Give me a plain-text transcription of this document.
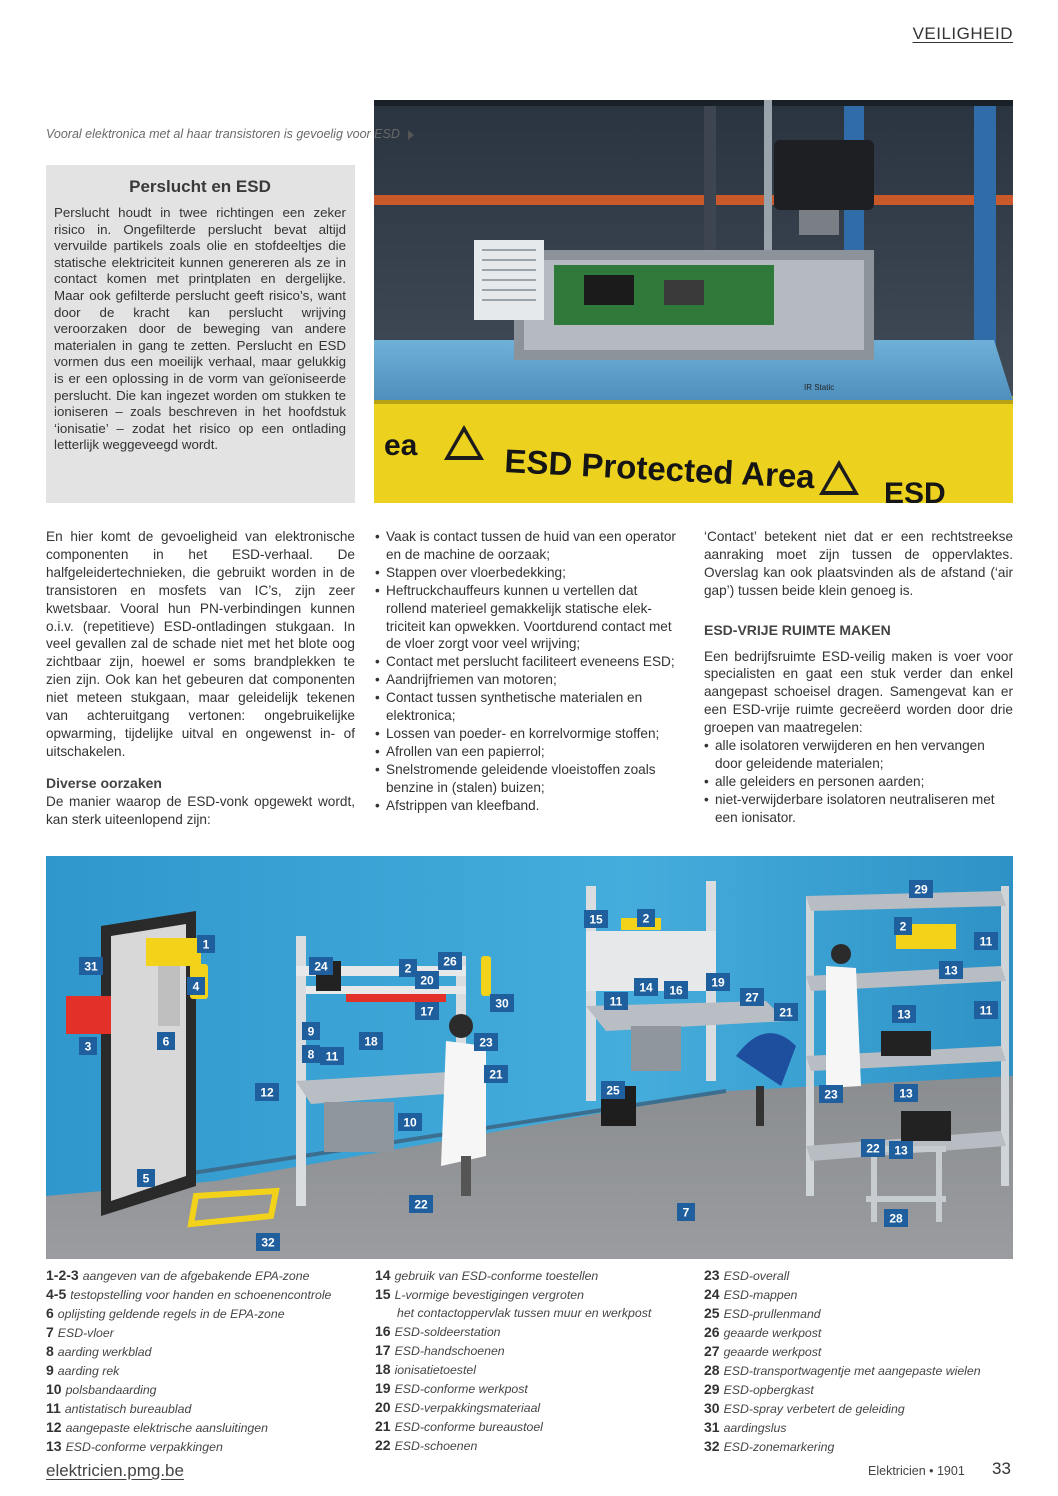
VEILIGHEID
ea	ESD Protected Area ESD
IR Static
Vooral elektronica met al haar transistoren is gevoelig voor ESD
Perslucht en ESD

Perslucht houdt in twee richtingen een zeker risico in. Ongefilterde perslucht bevat altijd vervuilde partikels zoals olie en stofdeeltjes die statische elektriciteit kunnen genereren als ze in contact komen met printplaten en dergelijke. Maar ook gefilterde perslucht geeft risico’s, want door de kracht kan perslucht wrijving veroorzaken door de beweging van andere materialen in gang te zetten. Perslucht en ESD vormen dus een moeilijk verhaal, maar gelukkig is er een oplossing in de vorm van geïoniseerde perslucht. Die kan ingezet worden om stukken te ioniseren – zoals beschreven in het hoofdstuk ‘ionisatie’ – zodat het risico op een ontlading letterlijk weggeveegd wordt.

En hier komt de gevoeligheid van elektronische componenten in het ESD-verhaal. De halfgeleidertechnieken, die gebruikt worden in de transistoren en mosfets van IC’s, zijn zeer kwetsbaar. Vooral hun PN-verbindingen kunnen o.i.v. (repetitieve) ESD-ontladingen stukgaan. In veel gevallen zal de schade niet met het blote oog zichtbaar zijn, hoewel er soms brandplekken te zien zijn. Ook kan het gebeuren dat componenten niet meteen stukgaan, maar geleidelijk tekenen van achteruitgang vertonen: ongebruikelijke opwarming, tijdelijke uitval en ongewenst in- of uitschakelen.

Diverse oorzaken

De manier waarop de ESD-vonk opgewekt wordt, kan sterk uiteenlopend zijn:

• Vaak is contact tussen de huid van een operator en de machine de oorzaak;
• Stappen over vloerbedekking;
• Heftruckchauffeurs kunnen u vertellen dat rollend materieel gemakkelijk statische elektriciteit kan opwekken. Voortdurend contact met de vloer zorgt voor veel wrijving;
• Contact met perslucht faciliteert eveneens ESD;
• Aandrijfriemen van motoren;
• Contact tussen synthetische materialen en elektronica;
• Lossen van poeder- en korrelvormige stoffen;
• Afrollen van een papierrol;
• Snelstromende geleidende vloeistoffen zoals benzine in (stalen) buizen;
• Afstrippen van kleefband.

‘Contact’ betekent niet dat er een rechtstreekse aanraking moet zijn tussen de oppervlaktes. Overslag kan ook plaatsvinden als de afstand (‘air gap’) tussen beide klein genoeg is.

ESD-VRIJE RUIMTE MAKEN

Een bedrijfsruimte ESD-veilig maken is voer voor specialisten en gaat een stuk verder dan enkel aangepast schoeisel dragen. Samengevat kan er een ESD-vrije ruimte gecreëerd worden door drie groepen van maatregelen:

• alle isolatoren verwijderen en hen vervangen door geleidende materialen;
• alle geleiders en personen aarden;
• niet-verwijderbare isolatoren neutraliseren met een ionisator.
1
2
3
4
5
6
7
8
9
10
11
12
13
14
15
16
17
18
19
20
21
22
23
24
25
26
27
28
29
30
31
32
2
2
11
11
11
13
13
13
21
23
22
1-2-3 aangeven van de afgebakende EPA-zone
4-5 testopstelling voor handen en schoenencontrole
6 oplijsting geldende regels in de EPA-zone
7 ESD-vloer
8 aarding werkblad
9 aarding rek
10 polsbandaarding
11 antistatisch bureaublad
12 aangepaste elektrische aansluitingen
13 ESD-conforme verpakkingen
14 gebruik van ESD-conforme toestellen
15 L-vormige bevestigingen vergroten
het contactoppervlak tussen muur en werkpost
16 ESD-soldeerstation
17 ESD-handschoenen
18 ionisatietoestel
19 ESD-conforme werkpost
20 ESD-verpakkingsmateriaal
21 ESD-conforme bureaustoel
22 ESD-schoenen
23 ESD-overall
24 ESD-mappen
25 ESD-prullenmand
26 geaarde werkpost
27 geaarde werkpost
28 ESD-transportwagentje met aangepaste wielen
29 ESD-opbergkast
30 ESD-spray verbetert de geleiding
31 aardingslus
32 ESD-zonemarkering
elektricien.pmg.be	Elektricien • 1901 33
